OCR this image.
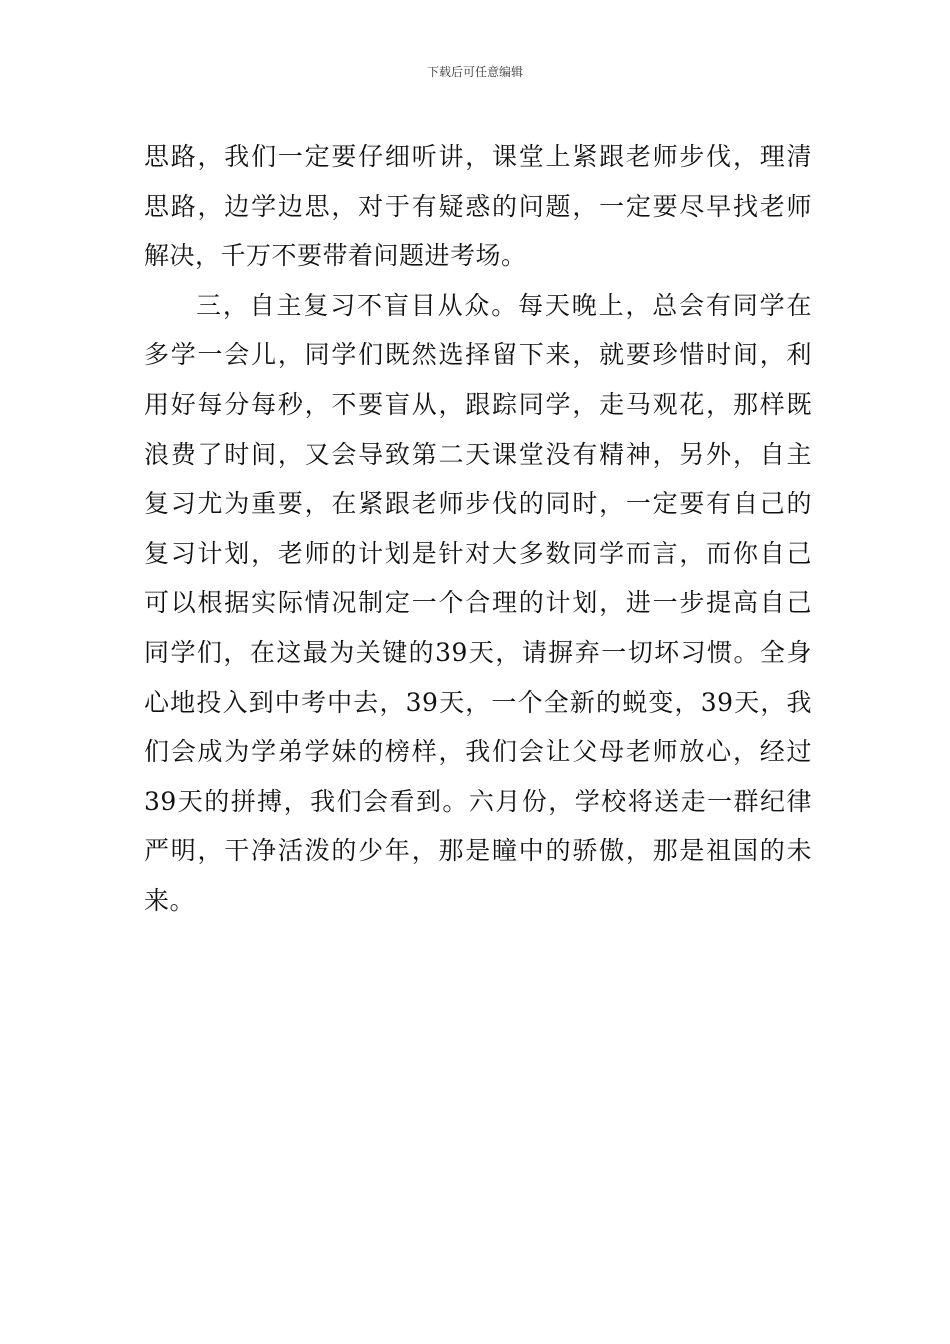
下载后可任意编辑
思路，我们一定要仔细听讲，课堂上紧跟老师步伐，理清
思路，边学边思，对于有疑惑的问题，一定要尽早找老师
解决，千万不要带着问题进考场。
三，自主复习不盲目从众。每天晚上，总会有同学在
多学一会儿，同学们既然选择留下来，就要珍惜时间，利
用好每分每秒，不要盲从，跟踪同学，走马观花，那样既
浪费了时间，又会导致第二天课堂没有精神，另外，自主
复习尤为重要，在紧跟老师步伐的同时，一定要有自己的
复习计划，老师的计划是针对大多数同学而言，而你自己
可以根据实际情况制定一个合理的计划，进一步提高自己
同学们，在这最为关键的39天，请摒弃一切坏习惯。全身
心地投入到中考中去，39天，一个全新的蜕变，39天，我
们会成为学弟学妹的榜样，我们会让父母老师放心，经过
39天的拼搏，我们会看到。六月份，学校将送走一群纪律
严明，干净活泼的少年，那是瞳中的骄傲，那是祖国的未
来。
